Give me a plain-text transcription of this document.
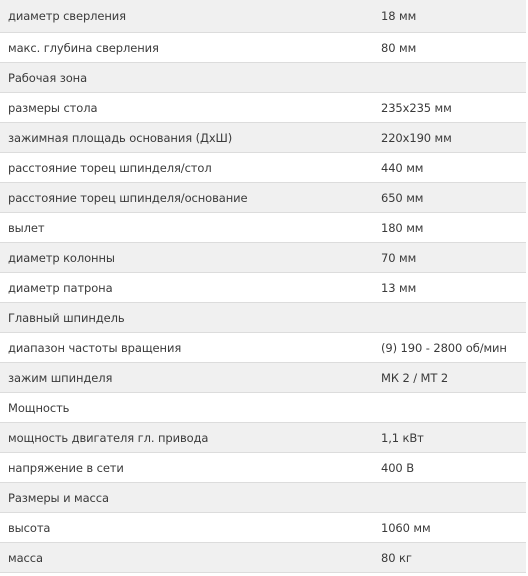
диаметр сверления	18 мм
макс. глубина сверления	80 мм
Рабочая зона	
размеры стола	235x235 мм
зажимная площадь основания (ДхШ)	220x190 мм
расстояние торец шпинделя/стол	440 мм
расстояние торец шпинделя/основание	650 мм
вылет	180 мм
диаметр колонны	70 мм
диаметр патрона	13 мм
Главный шпиндель	
диапазон частоты вращения	(9) 190 - 2800 об/мин
зажим шпинделя	МК 2 / MT 2
Мощность	
мощность двигателя гл. привода	1,1 кВт
напряжение в сети	400 В
Размеры и масса	
высота	1060 мм
масса	80 кг
